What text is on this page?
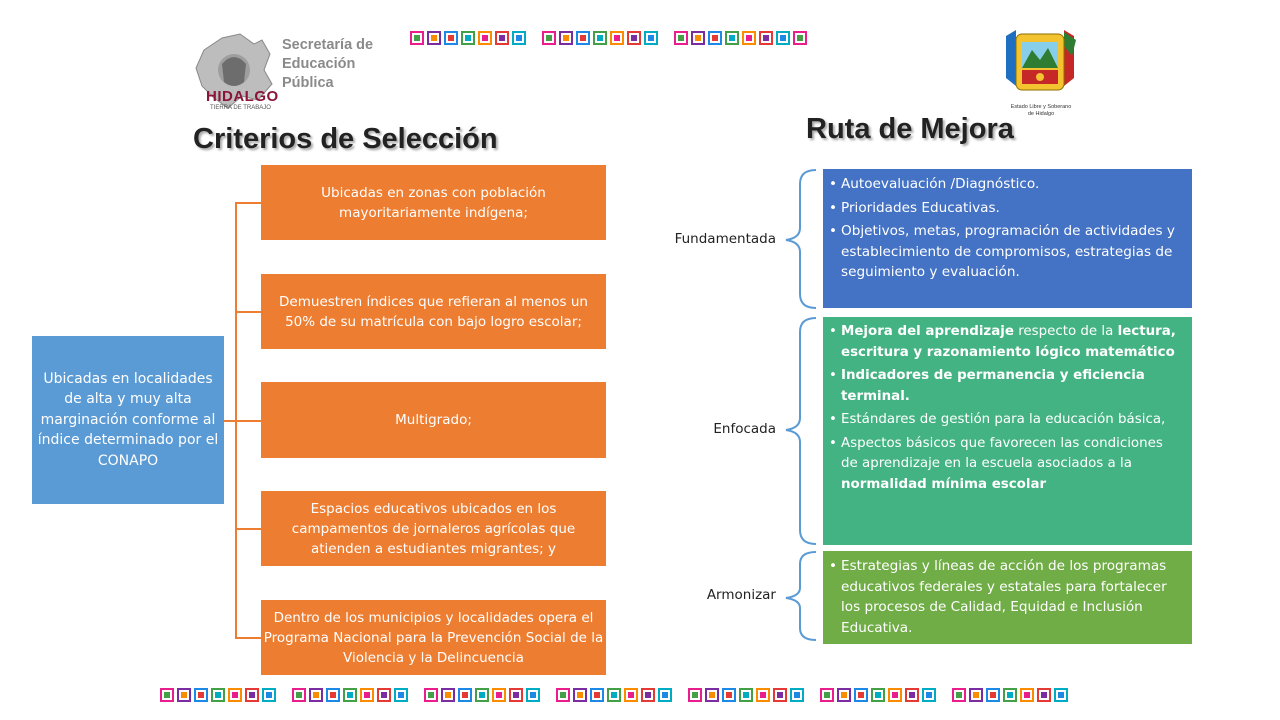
HIDALGO
TIERRA DE TRABAJO
Secretaría de
Educación
Pública
Estado Libre y Soberano
de Hidalgo
Criterios de Selección	Ruta de Mejora
Ubicadas en localidades de alta y muy alta marginación conforme al índice determinado por el CONAPO
Ubicadas en zonas con población mayoritariamente indígena;
Demuestren índices que refieran al menos un 50% de su matrícula con bajo logro escolar;
Multigrado;
Espacios educativos ubicados en los campamentos de jornaleros agrícolas que atienden a estudiantes migrantes; y
Dentro de los municipios y localidades opera el Programa Nacional para la Prevención Social de la Violencia y la Delincuencia
Fundamentada
Enfocada
Armonizar
• Autoevaluación /Diagnóstico.
• Prioridades Educativas.
• Objetivos, metas, programación de actividades y establecimiento de compromisos, estrategias de seguimiento y evaluación.
• Mejora del aprendizaje respecto de la lectura, escritura y razonamiento lógico matemático
• Indicadores de permanencia y eficiencia terminal.
• Estándares de gestión para la educación básica,
• Aspectos básicos que favorecen las condiciones de aprendizaje en la escuela asociados a la normalidad mínima escolar
• Estrategias y líneas de acción de los programas educativos federales y estatales para fortalecer los procesos de Calidad, Equidad e Inclusión Educativa.
